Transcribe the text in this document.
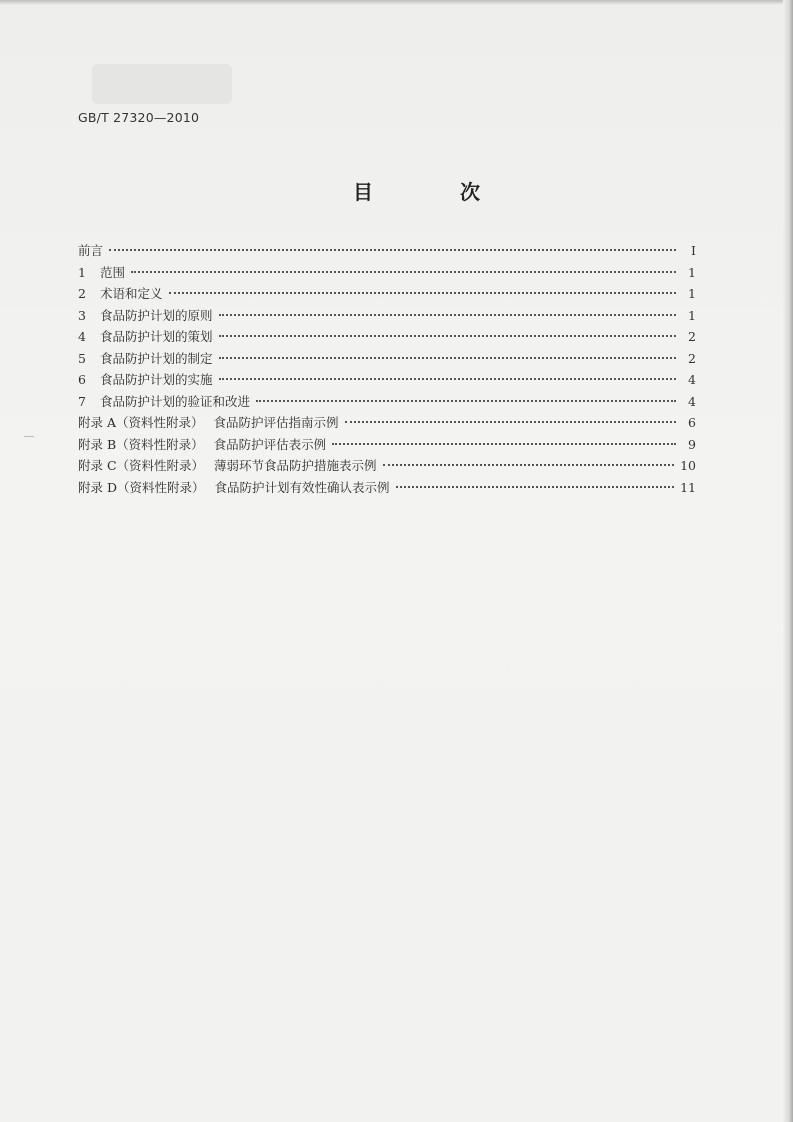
GB/T 27320—2010
目 次
前言	Ⅰ
1	范围	1
2	术语和定义	1
3	食品防护计划的原则	1
4	食品防护计划的策划	2
5	食品防护计划的制定	2
6	食品防护计划的实施	4
7	食品防护计划的验证和改进	4
附录 A（资料性附录） 食品防护评估指南示例	6
附录 B（资料性附录） 食品防护评估表示例	9
附录 C（资料性附录） 薄弱环节食品防护措施表示例	10
附录 D（资料性附录） 食品防护计划有效性确认表示例	11
